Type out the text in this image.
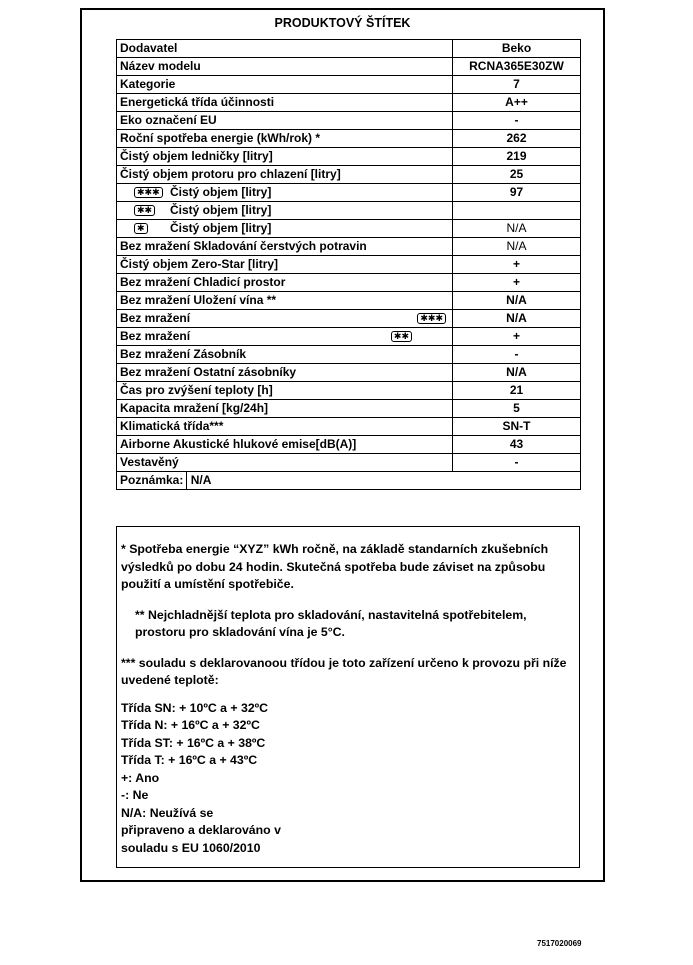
PRODUKTOVÝ ŠTÍTEK
Dodavatel	Beko
Název modelu	RCNA365E30ZW
Kategorie	7
Energetická třída účinnosti	A++
Eko označení EU	-
Roční spotřeba energie (kWh/rok) *	262
Čistý objem ledničky [litry]	219
Čistý objem protoru pro chlazení [litry]	25
✱✱✱ Čistý objem [litry]	97
✱✱ Čistý objem [litry]	
✱ Čistý objem [litry]	N/A
Bez mražení Skladování čerstvých potravin	N/A
Čistý objem Zero-Star [litry]	+
Bez mražení Chladicí prostor	+
Bez mražení Uložení vína **	N/A
Bez mražení ✱✱✱	N/A
Bez mražení ✱✱	+
Bez mražení Zásobník	-
Bez mražení Ostatní zásobníky	N/A
Čas pro zvýšení teploty [h]	21
Kapacita mražení [kg/24h]	5
Klimatická třída***	SN-T
Airborne Akustické hlukové emise[dB(A)]	43
Vestavěný	-
Poznámka: N/A	

* Spotřeba energie “XYZ” kWh ročně, na základě standarních zkušebních výsledků po dobu 24 hodin. Skutečná spotřeba bude záviset na způsobu použití a umístění spotřebiče.

** Nejchladnější teplota pro skladování, nastavitelná spotřebitelem, prostoru pro skladování vína je 5°C.

*** souladu s deklarovanoou třídou je toto zařízení určeno k provozu při níže uvedené teplotě:

Třída SN: + 10ºC a + 32ºC

Třída N: + 16ºC a + 32ºC

Třída ST: + 16ºC a + 38ºC

Třída T: + 16ºC a + 43ºC

+: Ano

-: Ne

N/A: Neužívá se

připraveno a deklarováno v

souladu s EU 1060/2010

7517020069
